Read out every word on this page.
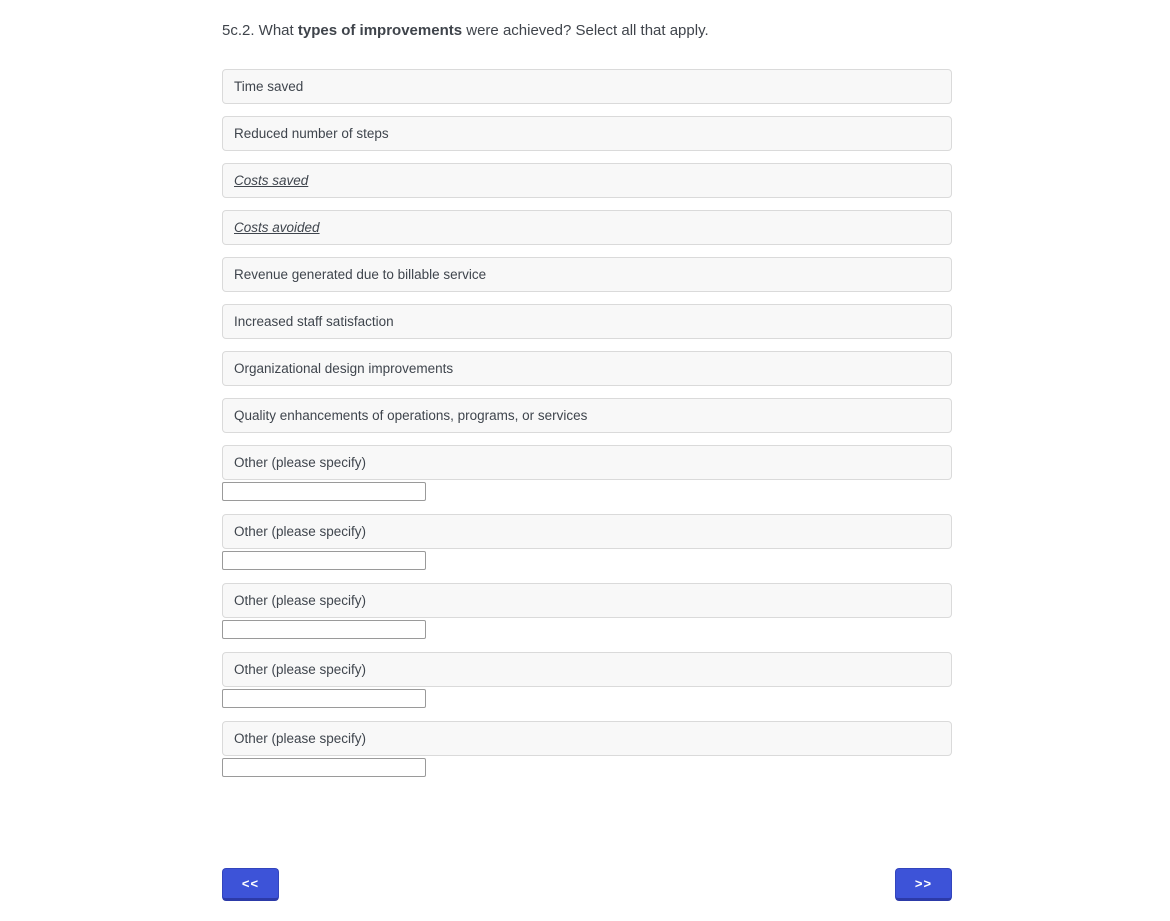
5c.2. What types of improvements were achieved? Select all that apply.
Time saved
Reduced number of steps
Costs saved
Costs avoided
Revenue generated due to billable service
Increased staff satisfaction
Organizational design improvements
Quality enhancements of operations, programs, or services
Other (please specify)
Other (please specify)
Other (please specify)
Other (please specify)
Other (please specify)
<<	>>
